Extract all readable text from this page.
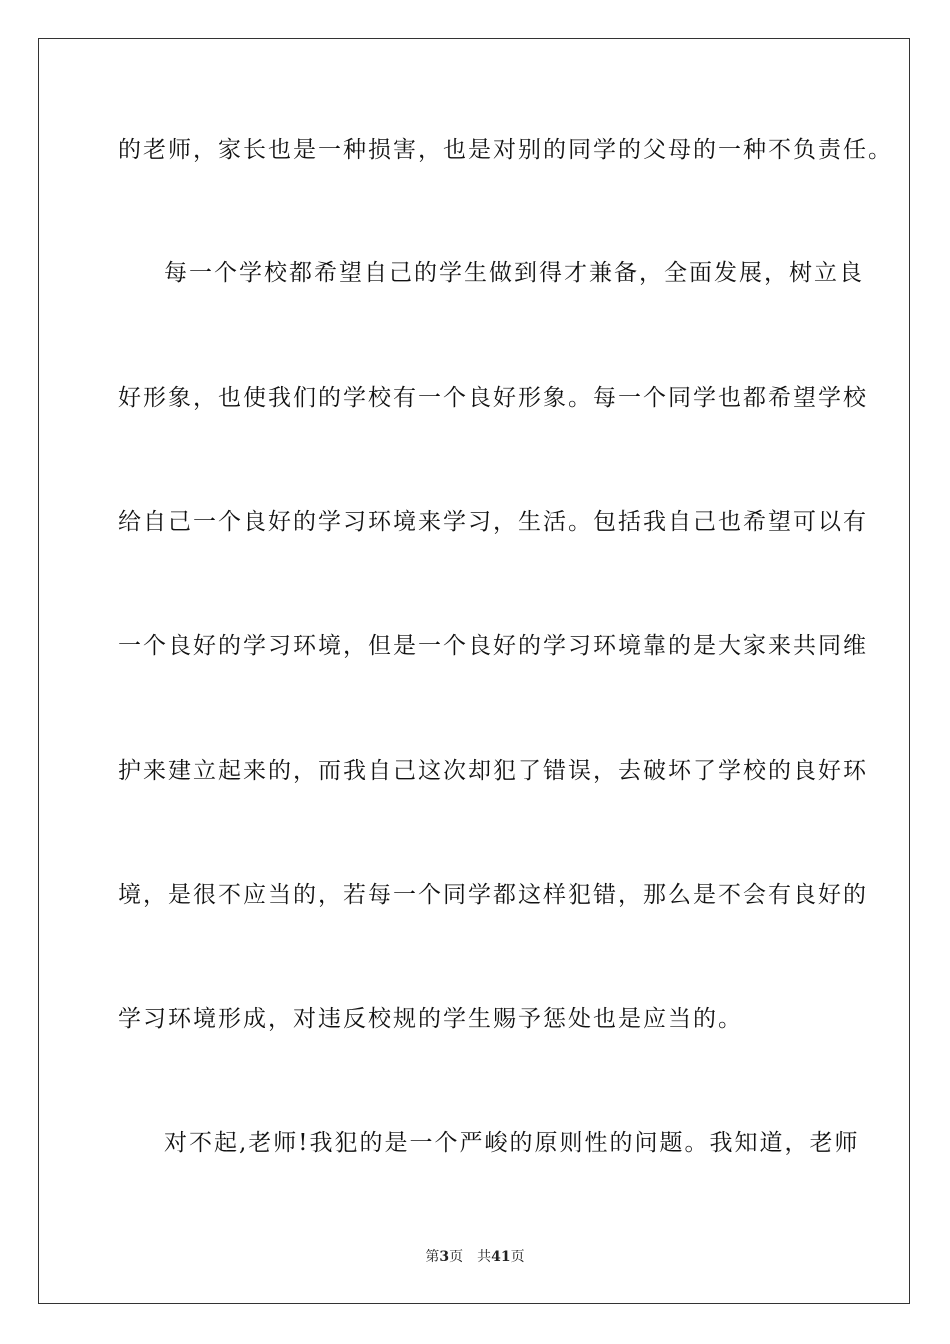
的老师，家长也是一种损害，也是对别的同学的父母的一种不负责任。
每一个学校都希望自己的学生做到得才兼备，全面发展，树立良
好形象，也使我们的学校有一个良好形象。每一个同学也都希望学校
给自己一个良好的学习环境来学习，生活。包括我自己也希望可以有
一个良好的学习环境，但是一个良好的学习环境靠的是大家来共同维
护来建立起来的，而我自己这次却犯了错误，去破坏了学校的良好环
境，是很不应当的，若每一个同学都这样犯错，那么是不会有良好的
学习环境形成，对违反校规的学生赐予惩处也是应当的。
对不起,老师!我犯的是一个严峻的原则性的问题。我知道，老师
第3页 共41页
